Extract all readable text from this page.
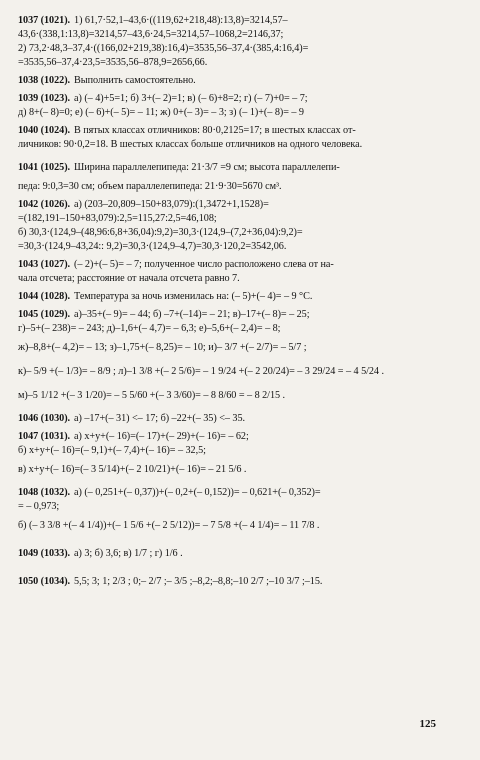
1037 (1021). 1) 61,7·52,1–43,6·((119,62+218,48):13,8)=3214,57–
43,6·(338,1:13,8)=3214,57–43,6·24,5=3214,57–1068,2=2146,37;
2) 73,2·48,3–37,4·((166,02+219,38):16,4)=3535,56–37,4·(385,4:16,4)=
=3535,56–37,4·23,5=3535,56–878,9=2656,66.
1038 (1022). Выполнить самостоятельно.
1039 (1023). а) (– 4)+5=1; б) 3+(– 2)=1; в) (– 6)+8=2; г) (– 7)+0= – 7;
д) 8+(– 8)=0; е) (– 6)+(– 5)= – 11; ж) 0+(– 3)= – 3; з) (– 1)+(– 8)= – 9
1040 (1024). В пятых классах отличников: 80·0,2125=17; в шестых классах от-
личников: 90·0,2=18. В шестых классах больше отличников на одного человека.
1041 (1025). Ширина параллелепипеда: 21·3/7 =9 см; высота параллелепи-
педа: 9:0,3=30 см; объем параллелепипеда: 21·9·30=5670 см³.
1042 (1026). а) (203–20,809–150+83,079):(1,3472+1,1528)=
=(182,191–150+83,079):2,5=115,27:2,5=46,108;
б) 30,3·(124,9–(48,96:6,8+36,04):9,2)=30,3·(124,9–(7,2+36,04):9,2)=
=30,3·(124,9–43,24:: 9,2)=30,3·(124,9–4,7)=30,3·120,2=3542,06.
1043 (1027). (– 2)+(– 5)= – 7; полученное число расположено слева от на-
чала отсчета; расстояние от начала отсчета равно 7.
1044 (1028). Температура за ночь изменилась на: (– 5)+(– 4)= – 9 °С.
1045 (1029). а)–35+(– 9)= – 44; б) –7+(–14)= – 21; в)–17+(– 8)= – 25;
г)–5+(– 238)= – 243; д)–1,6+(– 4,7)= – 6,3; е)–5,6+(– 2,4)= – 8;
ж)–8,8+(– 4,2)= – 13; з)–1,75+(– 8,25)= – 10; и)– 3/7 +(– 2/7)= – 5/7 ;
к)– 5/9 +(– 1/3)= – 8/9 ; л)–1 3/8 +(– 2 5/6)= – 1 9/24 +(– 2 20/24)= – 3 29/24 = – 4 5/24 .
м)–5 1/12 +(– 3 1/20)= – 5 5/60 +(– 3 3/60)= – 8 8/60 = – 8 2/15 .
1046 (1030). а) –17+(– 31) <– 17; б) –22+(– 35) <– 35.
1047 (1031). а) x+y+(– 16)=(– 17)+(– 29)+(– 16)= – 62;
б) x+y+(– 16)=(– 9,1)+(– 7,4)+(– 16)= – 32,5;
в) x+y+(– 16)=(– 3 5/14)+(– 2 10/21)+(– 16)= – 21 5/6 .
1048 (1032). а) (– 0,251+(– 0,37))+(– 0,2+(– 0,152))= – 0,621+(– 0,352)=
= – 0,973;
б) (– 3 3/8 +(– 4 1/4))+(– 1 5/6 +(– 2 5/12))= – 7 5/8 +(– 4 1/4)= – 11 7/8 .
1049 (1033). а) 3; б) 3,6; в) 1/7 ; г) 1/6 .
1050 (1034). 5,5; 3; 1; 2/3 ; 0;– 2/7 ;– 3/5 ;–8,2;–8,8;–10 2/7 ;–10 3/7 ;–15.
125
